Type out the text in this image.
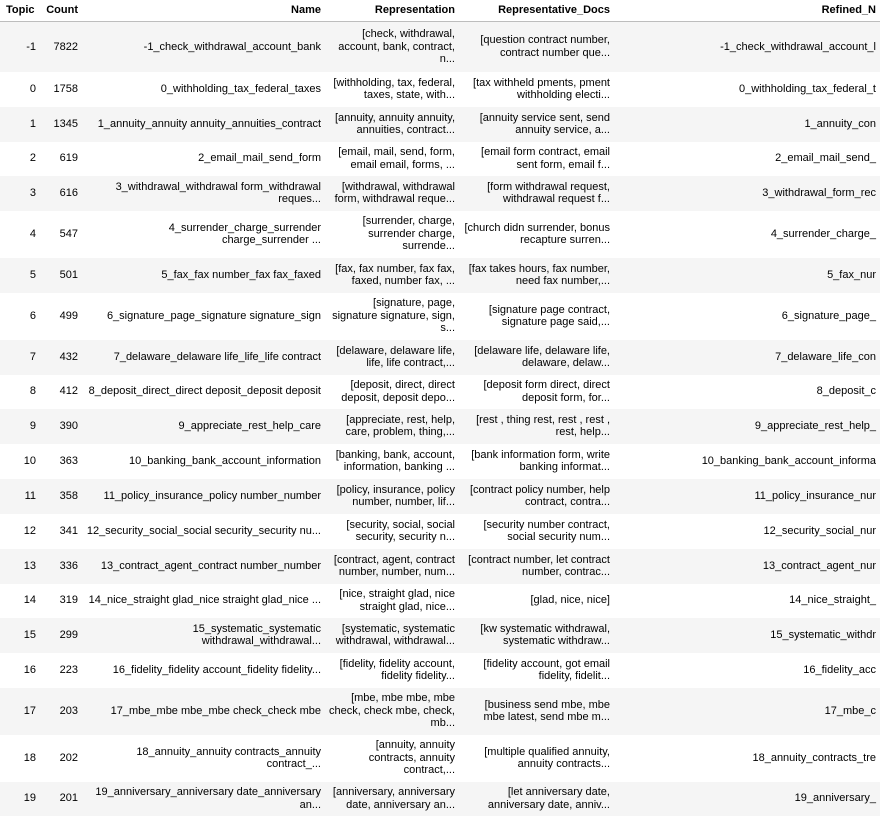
Topic	Count	Name	Representation	Representative_Docs	Refined_N
-1	7822	-1_check_withdrawal_account_bank	[check, withdrawal, account, bank, contract, n...	[question contract number, contract number que...	-1_check_withdrawal_account_l
0	1758	0_withholding_tax_federal_taxes	[withholding, tax, federal, taxes, state, with...	[tax withheld pments, pment withholding electi...	0_withholding_tax_federal_t
1	1345	1_annuity_annuity annuity_annuities_contract	[annuity, annuity annuity, annuities, contract...	[annuity service sent, send annuity service, a...	1_annuity_con
2	619	2_email_mail_send_form	[email, mail, send, form, email email, forms, ...	[email form contract, email sent form, email f...	2_email_mail_send_
3	616	3_withdrawal_withdrawal form_withdrawal reques...	[withdrawal, withdrawal form, withdrawal reque...	[form withdrawal request, withdrawal request f...	3_withdrawal_form_rec
4	547	4_surrender_charge_surrender charge_surrender ...	[surrender, charge, surrender charge, surrende...	[church didn surrender, bonus recapture surren...	4_surrender_charge_
5	501	5_fax_fax number_fax fax_faxed	[fax, fax number, fax fax, faxed, number fax, ...	[fax takes hours, fax number, need fax number,...	5_fax_nur
6	499	6_signature_page_signature signature_sign	[signature, page, signature signature, sign, s...	[signature page contract, signature page said,...	6_signature_page_
7	432	7_delaware_delaware life_life_life contract	[delaware, delaware life, life, life contract,...	[delaware life, delaware life, delaware, delaw...	7_delaware_life_con
8	412	8_deposit_direct_direct deposit_deposit deposit	[deposit, direct, direct deposit, deposit depo...	[deposit form direct, direct deposit form, for...	8_deposit_c
9	390	9_appreciate_rest_help_care	[appreciate, rest, help, care, problem, thing,...	[rest , thing rest, rest , rest , rest, help...	9_appreciate_rest_help_
10	363	10_banking_bank_account_information	[banking, bank, account, information, banking ...	[bank information form, write banking informat...	10_banking_bank_account_informa
11	358	11_policy_insurance_policy number_number	[policy, insurance, policy number, number, lif...	[contract policy number, help contract, contra...	11_policy_insurance_nur
12	341	12_security_social_social security_security nu...	[security, social, social security, security n...	[security number contract, social security num...	12_security_social_nur
13	336	13_contract_agent_contract number_number	[contract, agent, contract number, number, num...	[contract number, let contract number, contrac...	13_contract_agent_nur
14	319	14_nice_straight glad_nice straight glad_nice ...	[nice, straight glad, nice straight glad, nice...	[glad, nice, nice]	14_nice_straight_
15	299	15_systematic_systematic withdrawal_withdrawal...	[systematic, systematic withdrawal, withdrawal...	[kw systematic withdrawal, systematic withdraw...	15_systematic_withdr
16	223	16_fidelity_fidelity account_fidelity fidelity...	[fidelity, fidelity account, fidelity fidelity...	[fidelity account, got email fidelity, fidelit...	16_fidelity_acc
17	203	17_mbe_mbe mbe_mbe check_check mbe	[mbe, mbe mbe, mbe check, check mbe, check, mb...	[business send mbe, mbe mbe latest, send mbe m...	17_mbe_c
18	202	18_annuity_annuity contracts_annuity contract_...	[annuity, annuity contracts, annuity contract,...	[multiple qualified annuity, annuity contracts...	18_annuity_contracts_tre
19	201	19_anniversary_anniversary date_anniversary an...	[anniversary, anniversary date, anniversary an...	[let anniversary date, anniversary date, anniv...	19_anniversary_
